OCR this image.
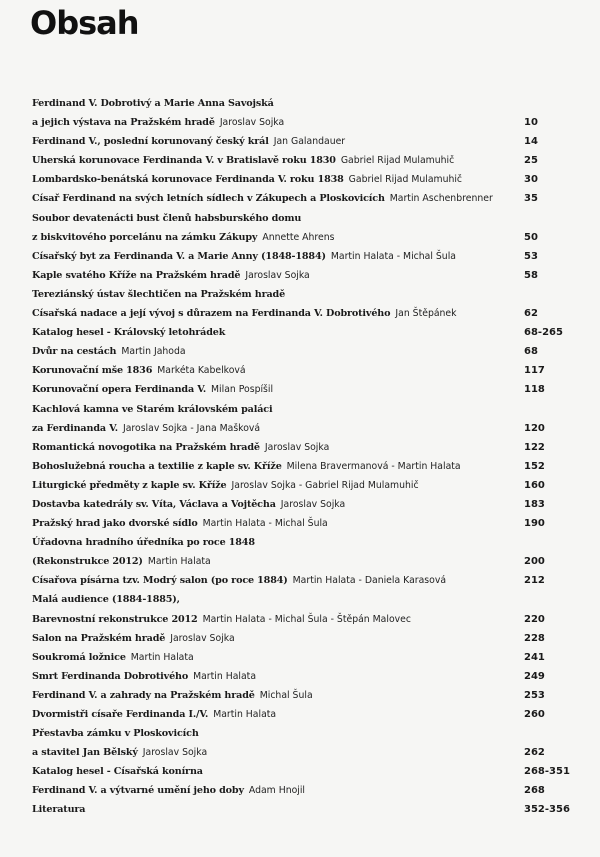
Obsah
Ferdinand V. Dobrotivý a Marie Anna Savojská
a jejich výstava na Pražském hradě Jaroslav Sojka	10
Ferdinand V., poslední korunovaný český král Jan Galandauer	14
Uherská korunovace Ferdinanda V. v Bratislavě roku 1830 Gabriel Rijad Mulamuhič	25
Lombardsko-benátská korunovace Ferdinanda V. roku 1838 Gabriel Rijad Mulamuhič	30
Císař Ferdinand na svých letních sídlech v Zákupech a Ploskovicích Martin Aschenbrenner	35
Soubor devatenácti bust členů habsburského domu
z biskvitového porcelánu na zámku Zákupy Annette Ahrens	50
Císařský byt za Ferdinanda V. a Marie Anny (1848-1884) Martin Halata - Michal Šula	53
Kaple svatého Kříže na Pražském hradě Jaroslav Sojka	58
Tereziánský ústav šlechtičen na Pražském hradě
Císařská nadace a její vývoj s důrazem na Ferdinanda V. Dobrotivého Jan Štěpánek	62
Katalog hesel - Královský letohrádek	68-265
Dvůr na cestách Martin Jahoda	68
Korunovační mše 1836 Markéta Kabelková	117
Korunovační opera Ferdinanda V. Milan Pospíšil	118
Kachlová kamna ve Starém královském paláci
za Ferdinanda V. Jaroslav Sojka - Jana Mašková	120
Romantická novogotika na Pražském hradě Jaroslav Sojka	122
Bohoslužebná roucha a textilie z kaple sv. Kříže Milena Bravermanová - Martin Halata	152
Liturgické předměty z kaple sv. Kříže Jaroslav Sojka - Gabriel Rijad Mulamuhič	160
Dostavba katedrály sv. Víta, Václava a Vojtěcha Jaroslav Sojka	183
Pražský hrad jako dvorské sídlo Martin Halata - Michal Šula	190
Úřadovna hradního úředníka po roce 1848
(Rekonstrukce 2012) Martin Halata	200
Císařova písárna tzv. Modrý salon (po roce 1884) Martin Halata - Daniela Karasová	212
Malá audience (1884-1885),
Barevnostní rekonstrukce 2012 Martin Halata - Michal Šula - Štěpán Malovec	220
Salon na Pražském hradě Jaroslav Sojka	228
Soukromá ložnice Martin Halata	241
Smrt Ferdinanda Dobrotivého Martin Halata	249
Ferdinand V. a zahrady na Pražském hradě Michal Šula	253
Dvormistři císaře Ferdinanda I./V. Martin Halata	260
Přestavba zámku v Ploskovicích
a stavitel Jan Bělský Jaroslav Sojka	262
Katalog hesel - Císařská konírna	268-351
Ferdinand V. a výtvarné umění jeho doby Adam Hnojil	268
Literatura	352-356
